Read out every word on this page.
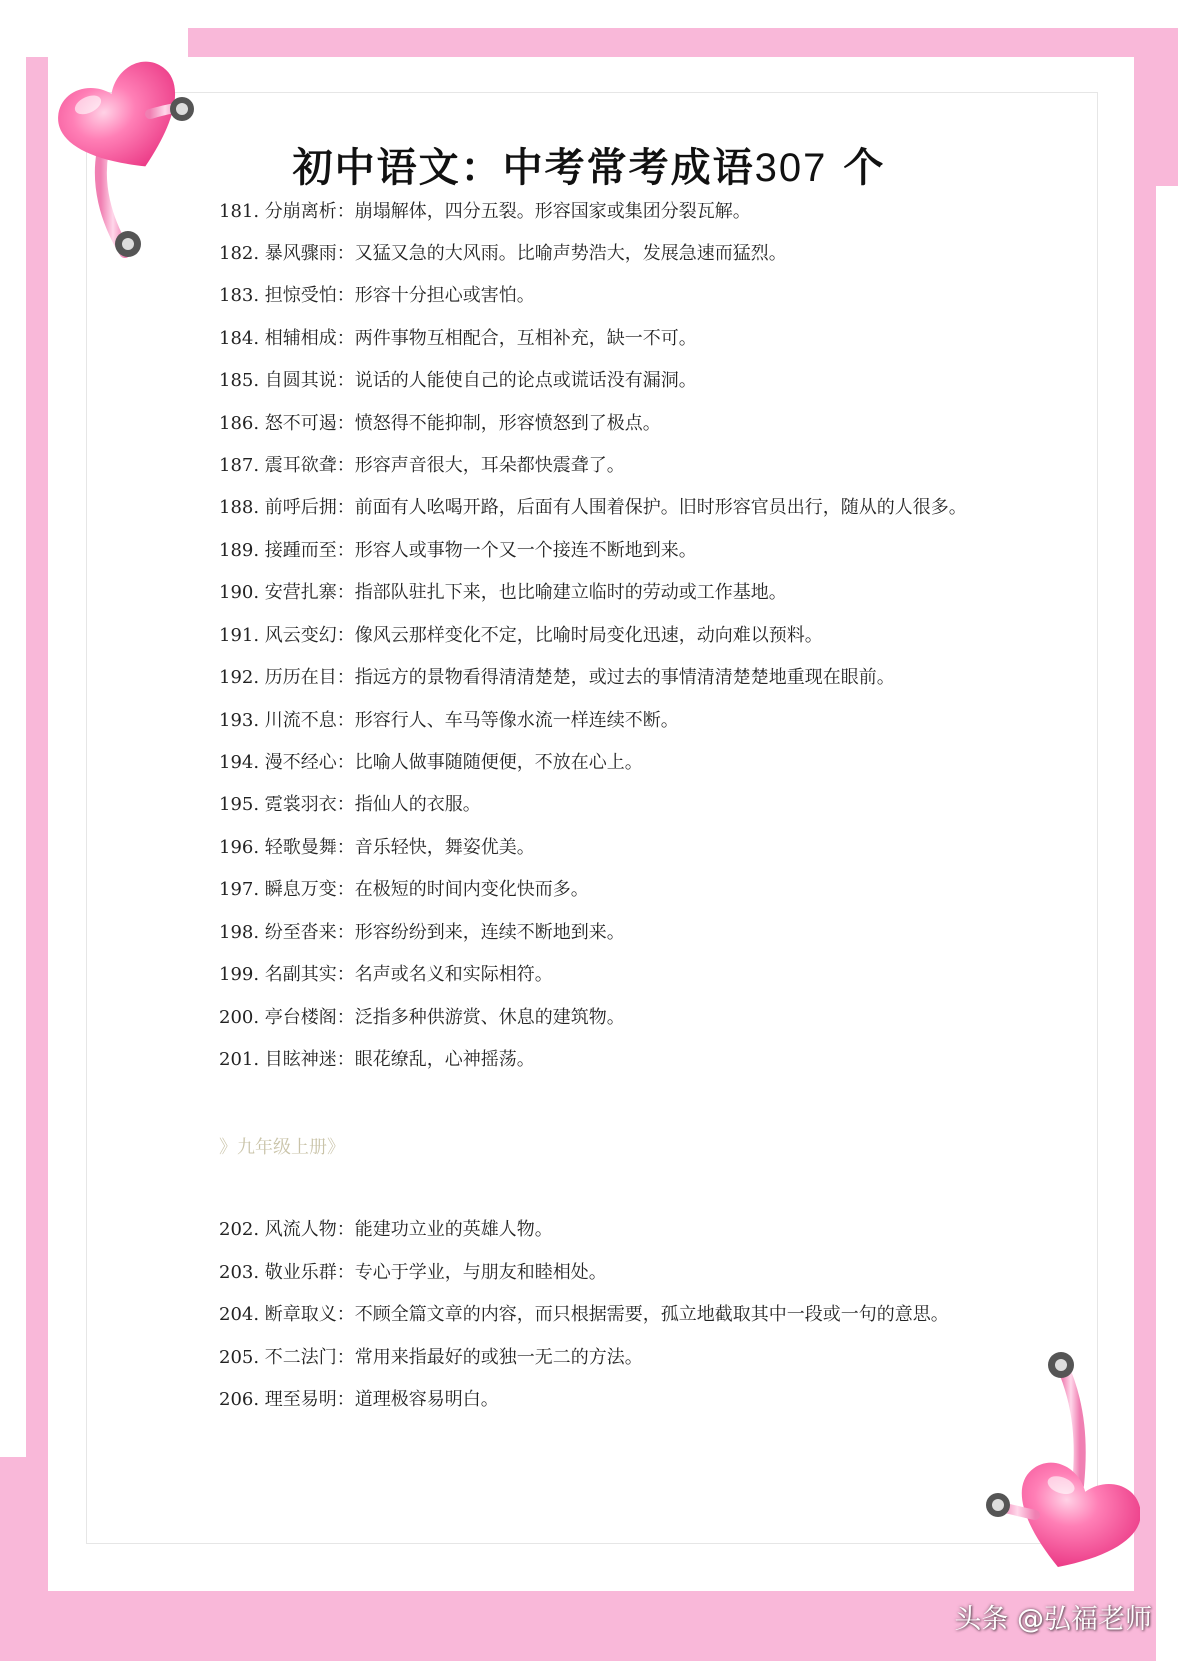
初中语文：中考常考成语307 个
181. 分崩离析：崩塌解体，四分五裂。形容国家或集团分裂瓦解。
182. 暴风骤雨：又猛又急的大风雨。比喻声势浩大，发展急速而猛烈。
183. 担惊受怕：形容十分担心或害怕。
184. 相辅相成：两件事物互相配合，互相补充，缺一不可。
185. 自圆其说：说话的人能使自己的论点或谎话没有漏洞。
186. 怒不可遏：愤怒得不能抑制，形容愤怒到了极点。
187. 震耳欲聋：形容声音很大，耳朵都快震聋了。
188. 前呼后拥：前面有人吆喝开路，后面有人围着保护。旧时形容官员出行，随从的人很多。
189. 接踵而至：形容人或事物一个又一个接连不断地到来。
190. 安营扎寨：指部队驻扎下来，也比喻建立临时的劳动或工作基地。
191. 风云变幻：像风云那样变化不定，比喻时局变化迅速，动向难以预料。
192. 历历在目：指远方的景物看得清清楚楚，或过去的事情清清楚楚地重现在眼前。
193. 川流不息：形容行人、车马等像水流一样连续不断。
194. 漫不经心：比喻人做事随随便便，不放在心上。
195. 霓裳羽衣：指仙人的衣服。
196. 轻歌曼舞：音乐轻快，舞姿优美。
197. 瞬息万变：在极短的时间内变化快而多。
198. 纷至沓来：形容纷纷到来，连续不断地到来。
199. 名副其实：名声或名义和实际相符。
200. 亭台楼阁：泛指多种供游赏、休息的建筑物。
201. 目眩神迷：眼花缭乱，心神摇荡。
》九年级上册》
202. 风流人物：能建功立业的英雄人物。
203. 敬业乐群：专心于学业，与朋友和睦相处。
204. 断章取义：不顾全篇文章的内容，而只根据需要，孤立地截取其中一段或一句的意思。
205. 不二法门：常用来指最好的或独一无二的方法。
206. 理至易明：道理极容易明白。
头条 @弘福老师
